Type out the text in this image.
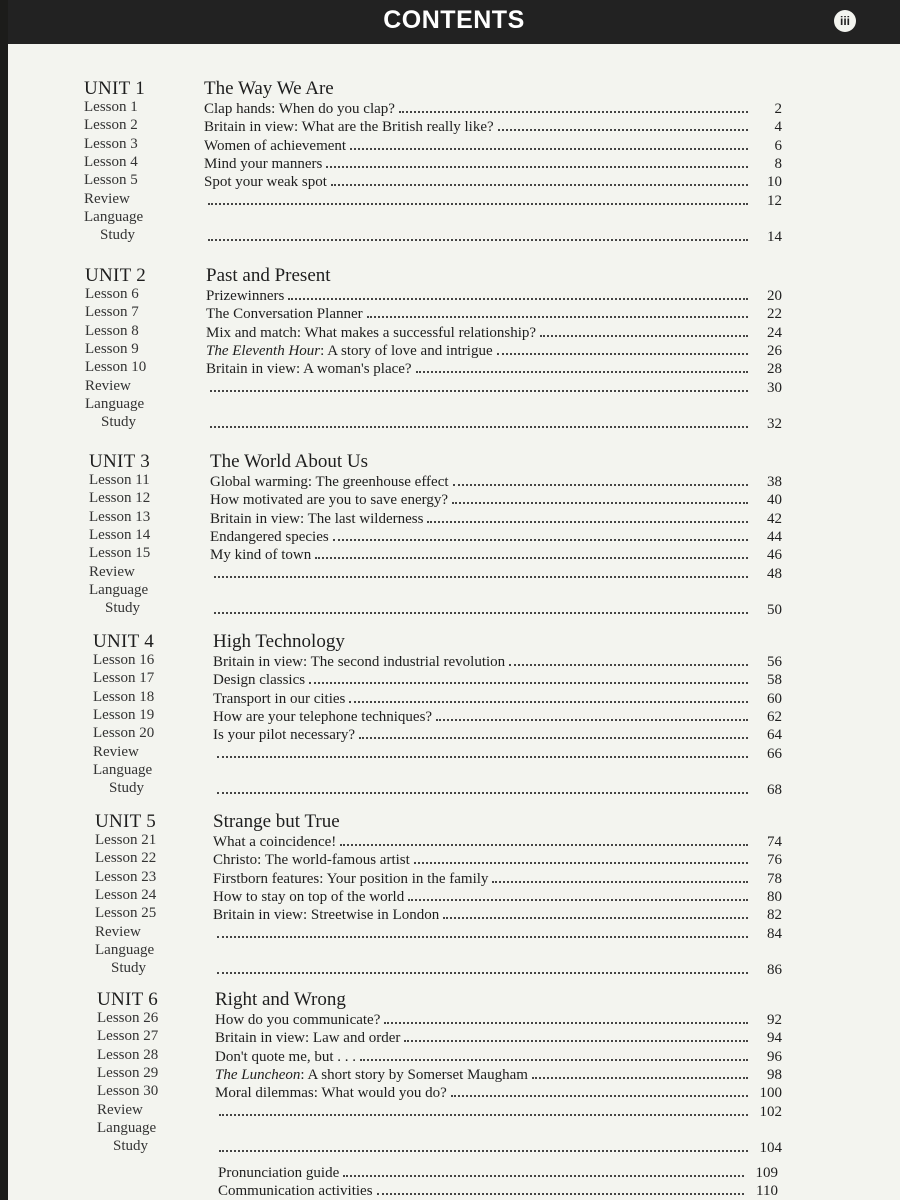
CONTENTS	iii
UNIT 1	The Way We Are
Lesson 1	Clap hands: When do you clap?	2
Lesson 2	Britain in view: What are the British really like?	4
Lesson 3	Women of achievement	6
Lesson 4	Mind your manners	8
Lesson 5	Spot your weak spot	10
Review	12
Language
Study	14
UNIT 2	Past and Present
Lesson 6	Prizewinners	20
Lesson 7	The Conversation Planner	22
Lesson 8	Mix and match: What makes a successful relationship?	24
Lesson 9	The Eleventh Hour: A story of love and intrigue	26
Lesson 10	Britain in view: A woman's place?	28
Review	30
Language
Study	32
UNIT 3	The World About Us
Lesson 11	Global warming: The greenhouse effect	38
Lesson 12	How motivated are you to save energy?	40
Lesson 13	Britain in view: The last wilderness	42
Lesson 14	Endangered species	44
Lesson 15	My kind of town	46
Review	48
Language
Study	50
UNIT 4	High Technology
Lesson 16	Britain in view: The second industrial revolution	56
Lesson 17	Design classics	58
Lesson 18	Transport in our cities	60
Lesson 19	How are your telephone techniques?	62
Lesson 20	Is your pilot necessary?	64
Review	66
Language
Study	68
UNIT 5	Strange but True
Lesson 21	What a coincidence!	74
Lesson 22	Christo: The world-famous artist	76
Lesson 23	Firstborn features: Your position in the family	78
Lesson 24	How to stay on top of the world	80
Lesson 25	Britain in view: Streetwise in London	82
Review	84
Language
Study	86
UNIT 6	Right and Wrong
Lesson 26	How do you communicate?	92
Lesson 27	Britain in view: Law and order	94
Lesson 28	Don't quote me, but . . .	96
Lesson 29	The Luncheon: A short story by Somerset Maugham	98
Lesson 30	Moral dilemmas: What would you do?	100
Review	102
Language
Study	104
Pronunciation guide	109
Communication activities	110
